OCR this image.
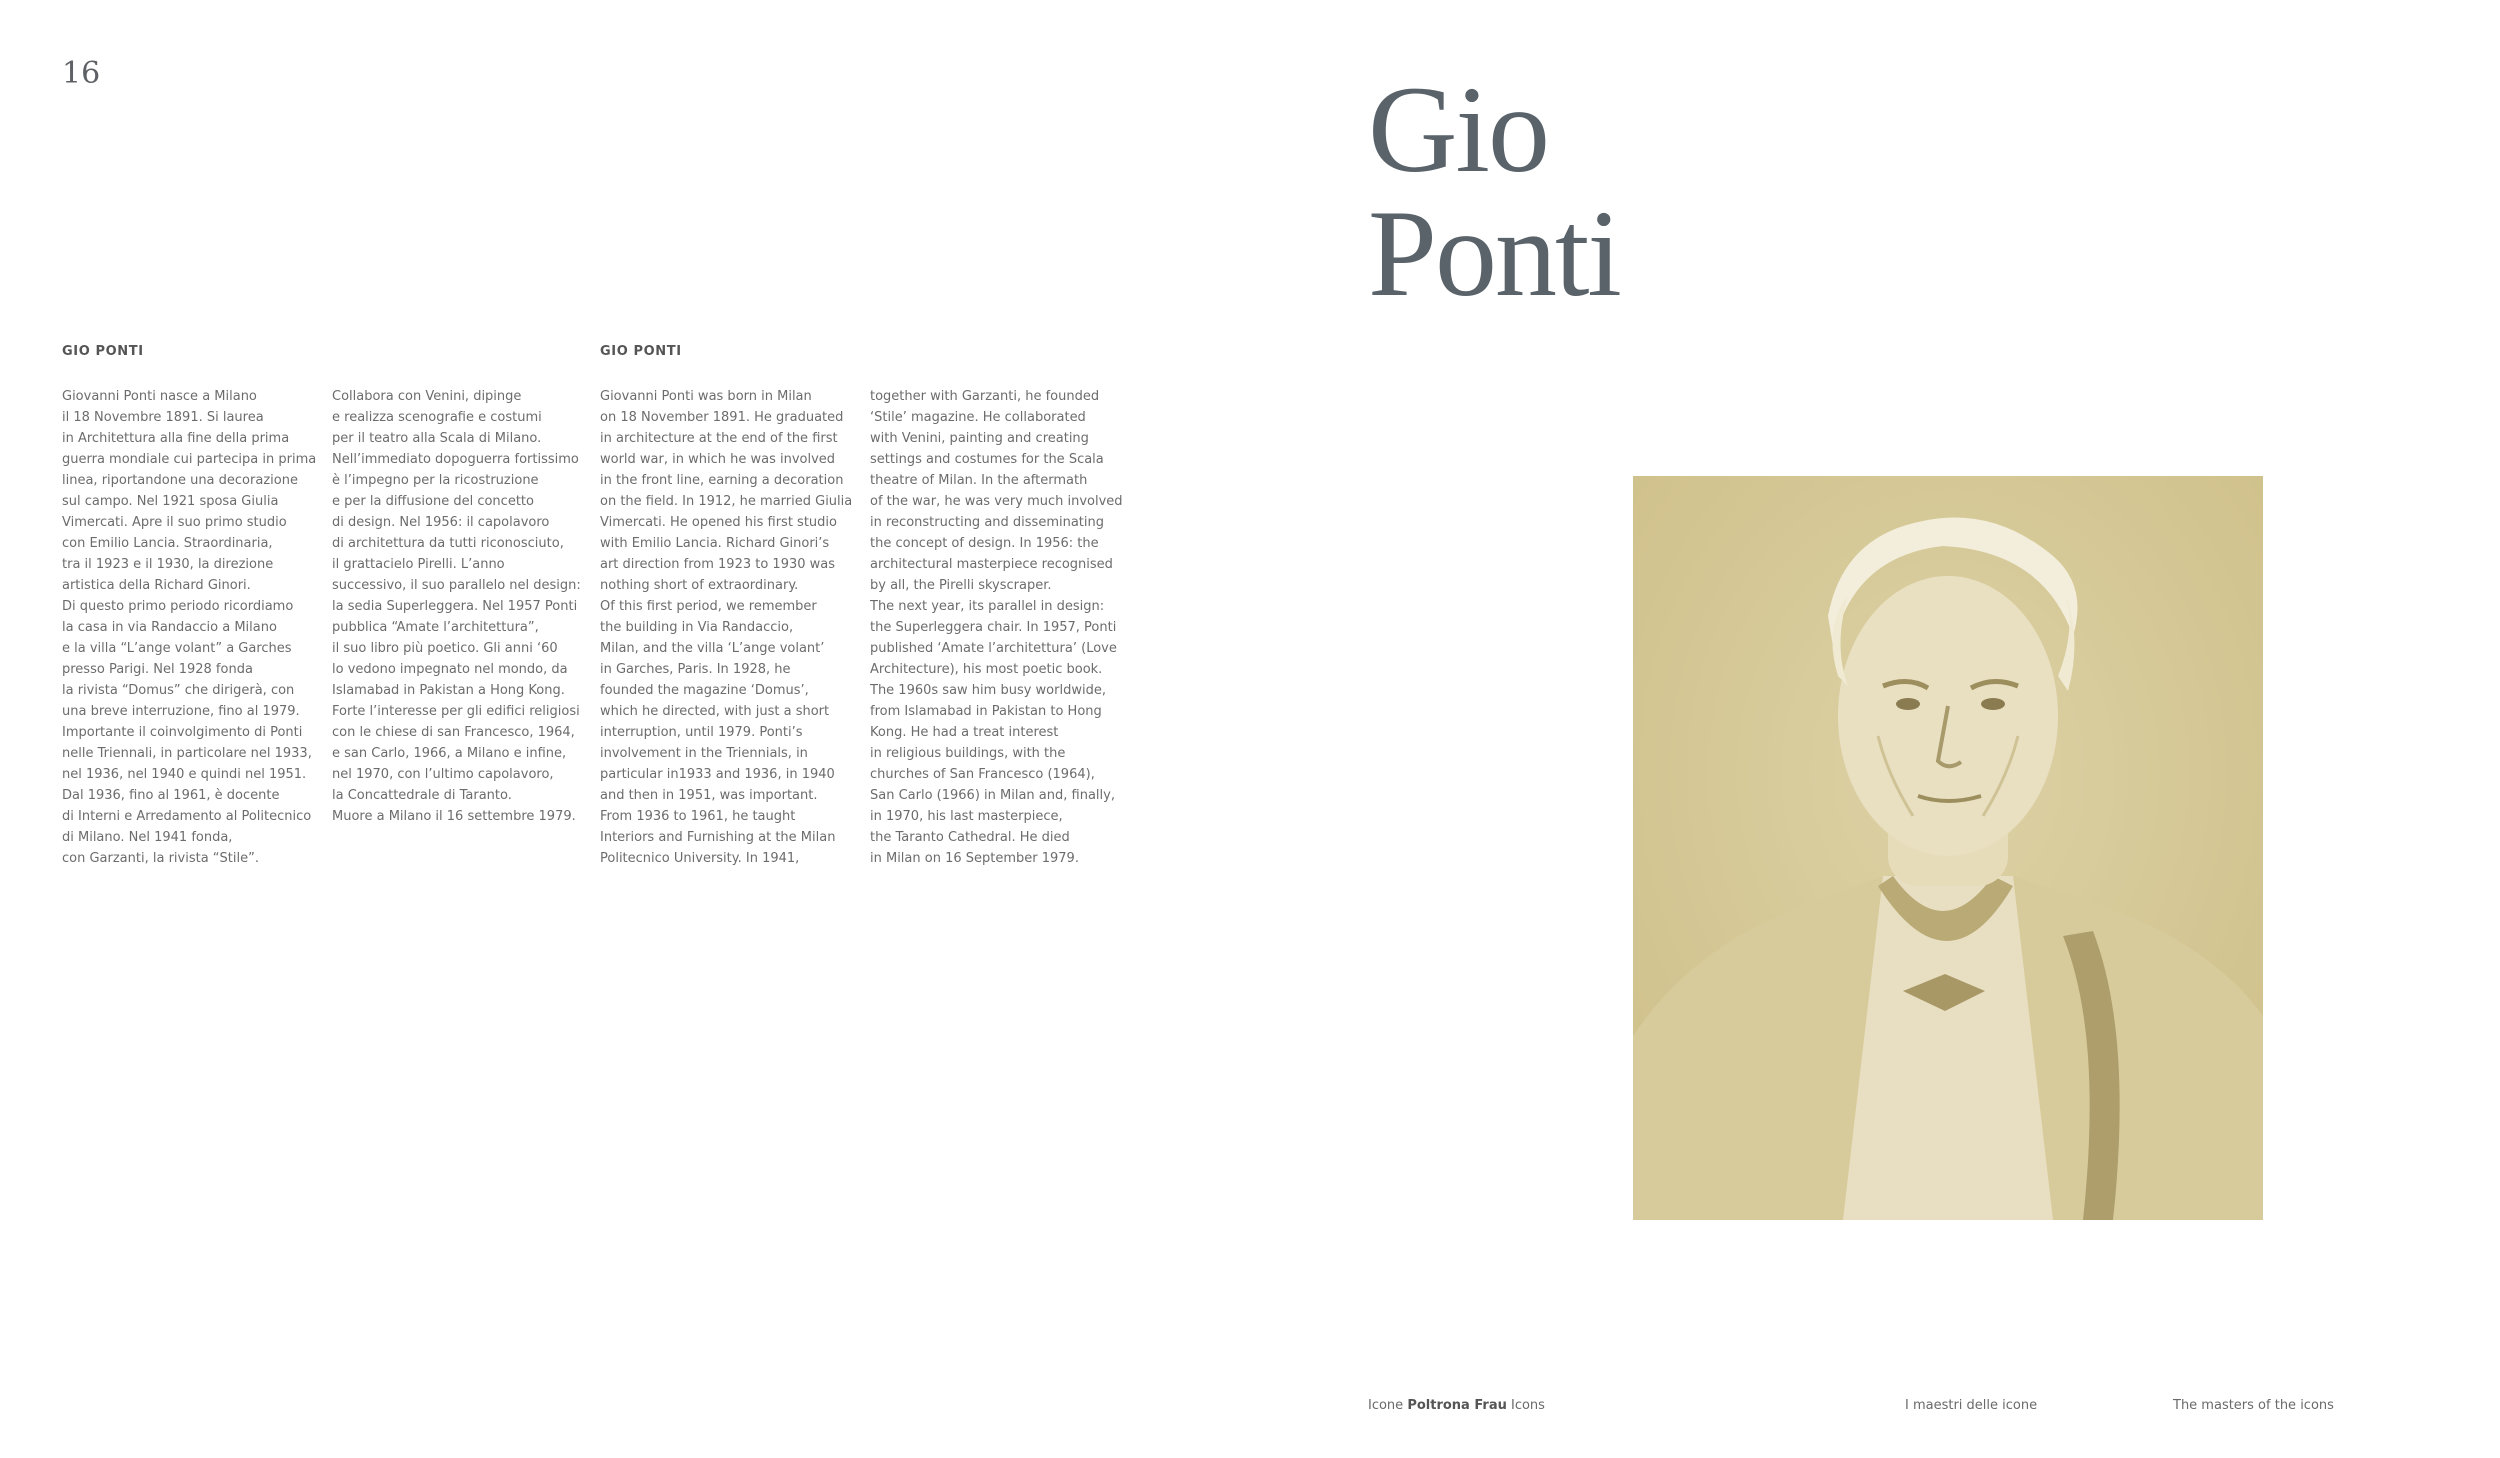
16	Gio
Ponti
GIO PONTI	GIO PONTI
Giovanni Ponti nasce a Milano
il 18 Novembre 1891. Si laurea
in Architettura alla fine della prima
guerra mondiale cui partecipa in prima
linea, riportandone una decorazione
sul campo. Nel 1921 sposa Giulia
Vimercati. Apre il suo primo studio
con Emilio Lancia. Straordinaria,
tra il 1923 e il 1930, la direzione
artistica della Richard Ginori.
Di questo primo periodo ricordiamo
la casa in via Randaccio a Milano
e la villa “L’ange volant” a Garches
presso Parigi. Nel 1928 fonda
la rivista “Domus” che dirigerà, con
una breve interruzione, fino al 1979.
Importante il coinvolgimento di Ponti
nelle Triennali, in particolare nel 1933,
nel 1936, nel 1940 e quindi nel 1951.
Dal 1936, fino al 1961, è docente
di Interni e Arredamento al Politecnico
di Milano. Nel 1941 fonda,
con Garzanti, la rivista “Stile”.
Collabora con Venini, dipinge
e realizza scenografie e costumi
per il teatro alla Scala di Milano.
Nell’immediato dopoguerra fortissimo
è l’impegno per la ricostruzione
e per la diffusione del concetto
di design. Nel 1956: il capolavoro
di architettura da tutti riconosciuto,
il grattacielo Pirelli. L’anno
successivo, il suo parallelo nel design:
la sedia Superleggera. Nel 1957 Ponti
pubblica “Amate l’architettura”,
il suo libro più poetico. Gli anni ‘60
lo vedono impegnato nel mondo, da
Islamabad in Pakistan a Hong Kong.
Forte l’interesse per gli edifici religiosi
con le chiese di san Francesco, 1964,
e san Carlo, 1966, a Milano e infine,
nel 1970, con l’ultimo capolavoro,
la Concattedrale di Taranto.
Muore a Milano il 16 settembre 1979.
Giovanni Ponti was born in Milan
on 18 November 1891. He graduated
in architecture at the end of the first
world war, in which he was involved
in the front line, earning a decoration
on the field. In 1912, he married Giulia
Vimercati. He opened his first studio
with Emilio Lancia. Richard Ginori’s
art direction from 1923 to 1930 was
nothing short of extraordinary.
Of this first period, we remember
the building in Via Randaccio,
Milan, and the villa ‘L’ange volant’
in Garches, Paris. In 1928, he
founded the magazine ‘Domus’,
which he directed, with just a short
interruption, until 1979. Ponti’s
involvement in the Triennials, in
particular in1933 and 1936, in 1940
and then in 1951, was important.
From 1936 to 1961, he taught
Interiors and Furnishing at the Milan
Politecnico University. In 1941,
together with Garzanti, he founded
‘Stile’ magazine. He collaborated
with Venini, painting and creating
settings and costumes for the Scala
theatre of Milan. In the aftermath
of the war, he was very much involved
in reconstructing and disseminating
the concept of design. In 1956: the
architectural masterpiece recognised
by all, the Pirelli skyscraper.
The next year, its parallel in design:
the Superleggera chair. In 1957, Ponti
published ‘Amate l’architettura’ (Love
Architecture), his most poetic book.
The 1960s saw him busy worldwide,
from Islamabad in Pakistan to Hong
Kong. He had a treat interest
in religious buildings, with the
churches of San Francesco (1964),
San Carlo (1966) in Milan and, finally,
in 1970, his last masterpiece,
the Taranto Cathedral. He died
in Milan on 16 September 1979.
Icone Poltrona Frau Icons	I maestri delle icone	The masters of the icons
